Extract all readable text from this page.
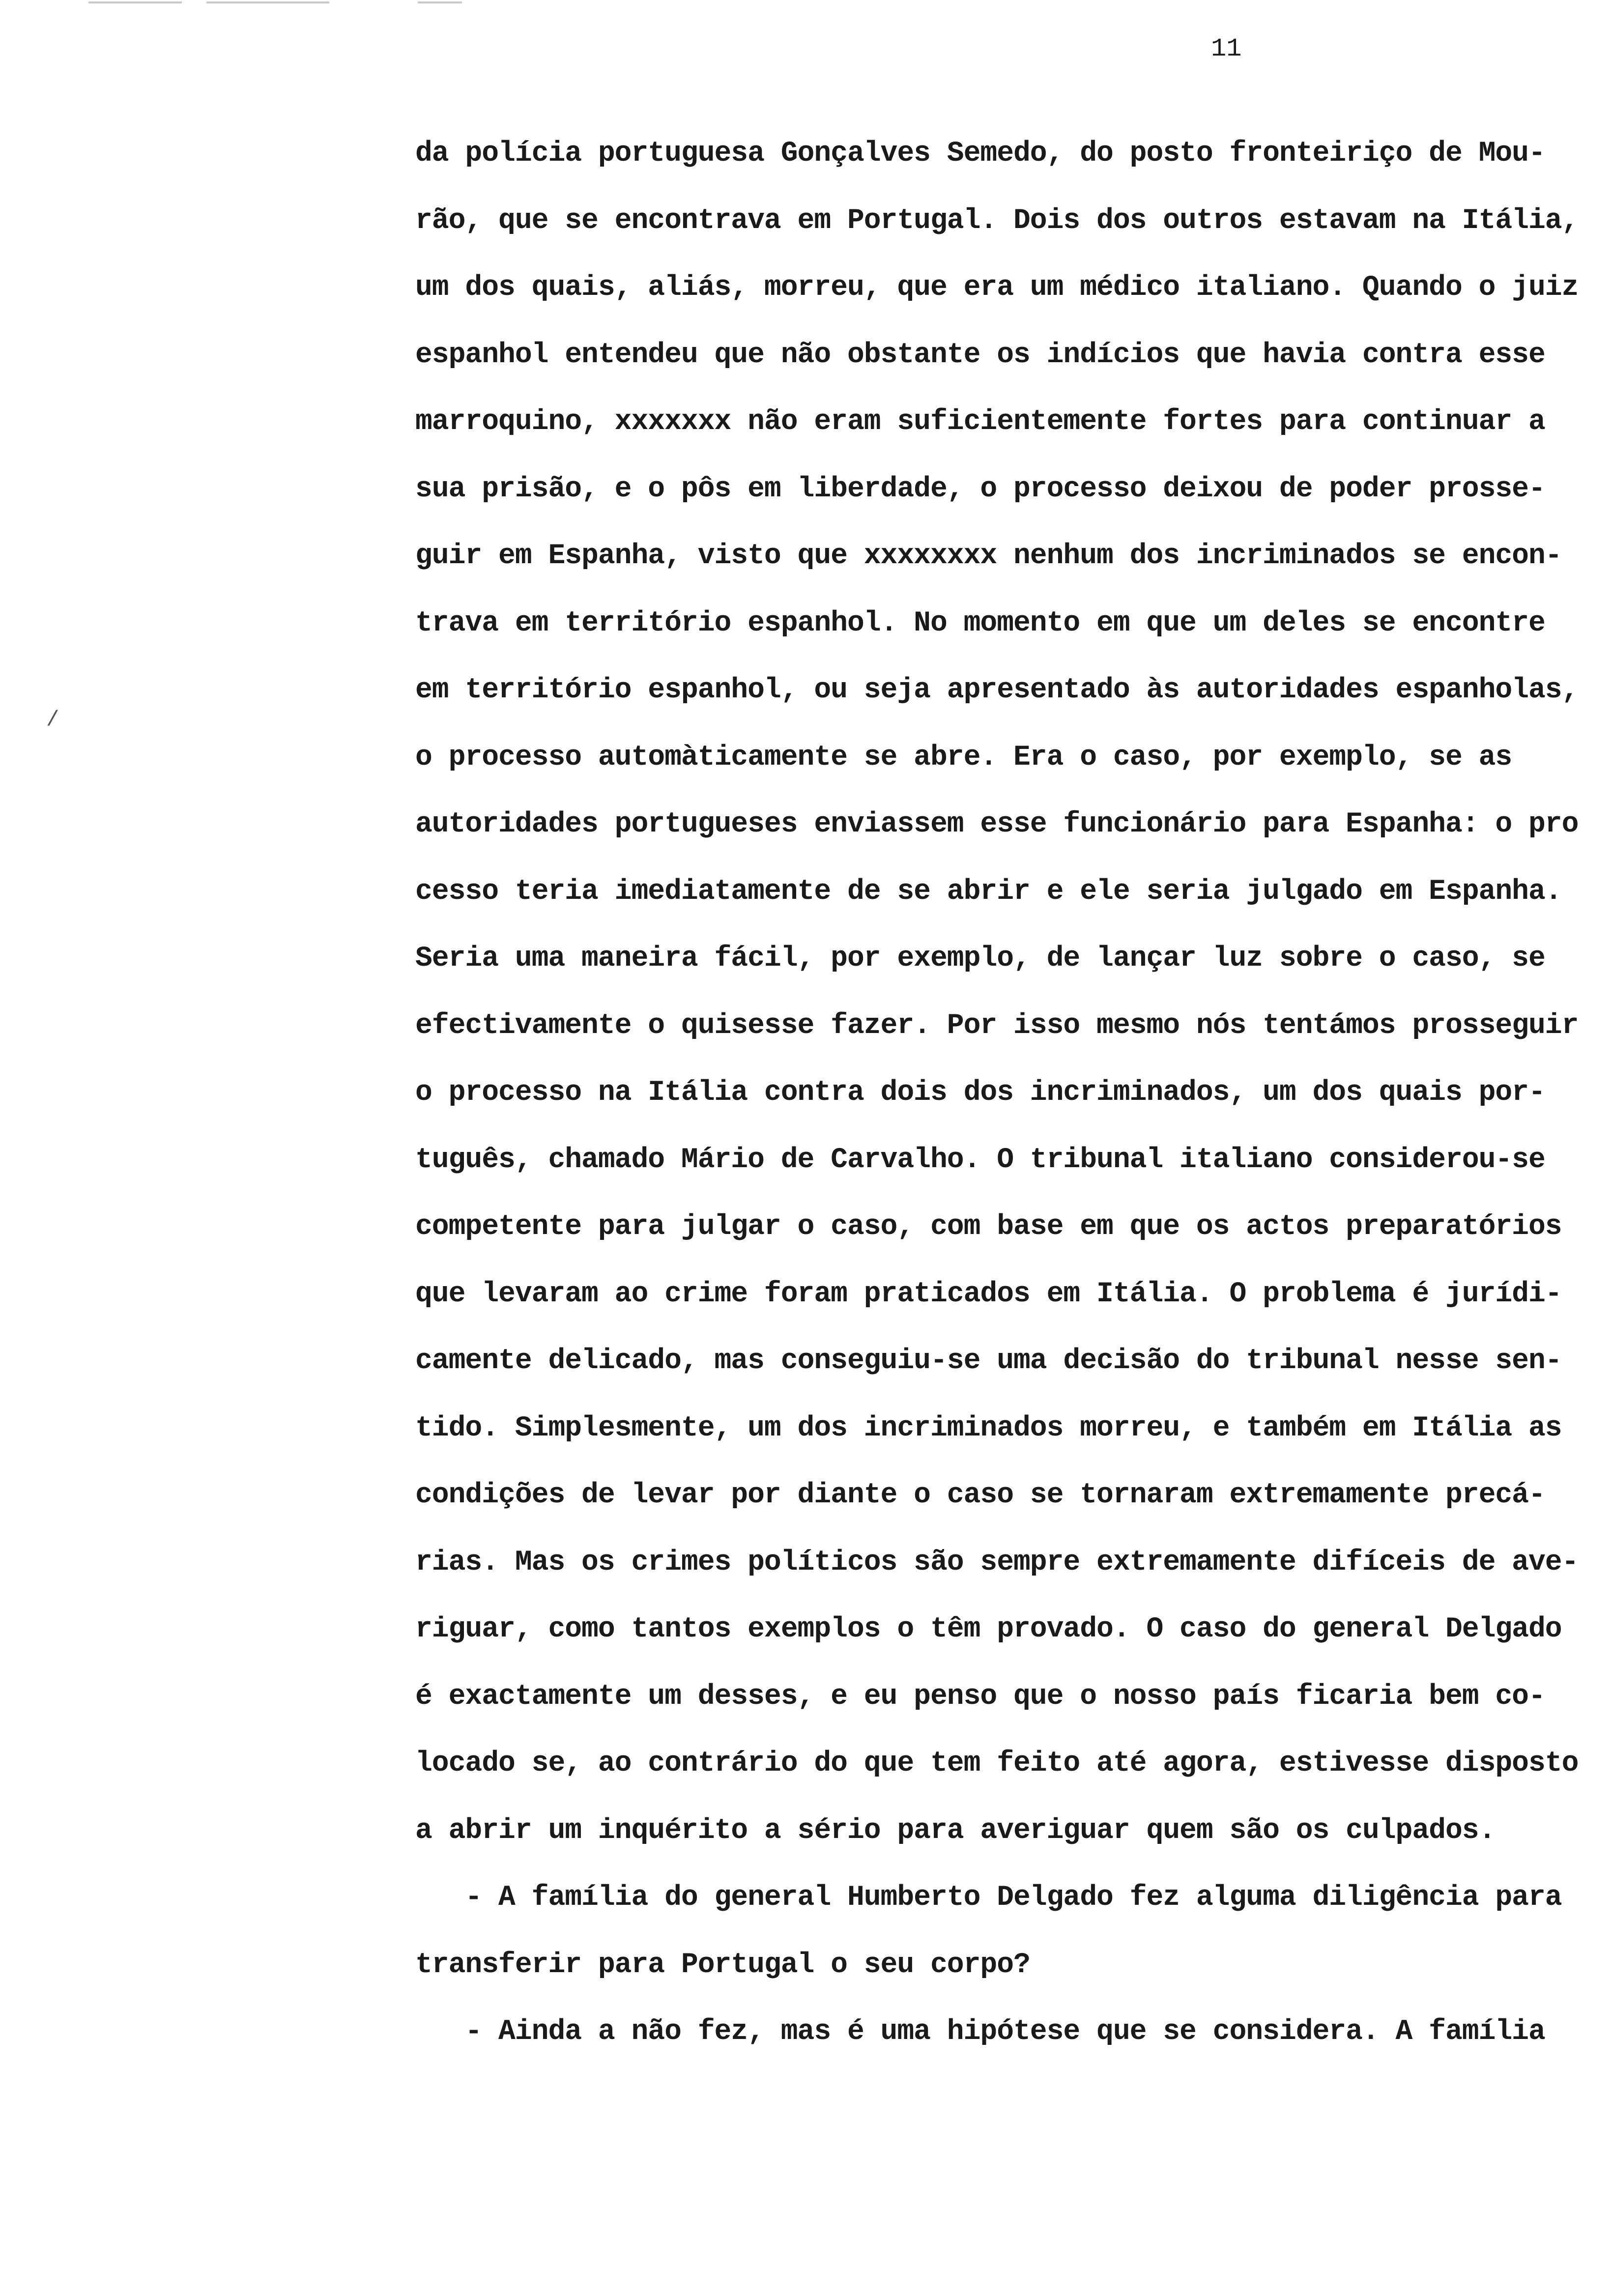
11
/
da polícia portuguesa Gonçalves Semedo, do posto fronteiriço de Mou-
rão, que se encontrava em Portugal. Dois dos outros estavam na Itália,
um dos quais, aliás, morreu, que era um médico italiano. Quando o juiz
espanhol entendeu que não obstante os indícios que havia contra esse
marroquino, xxxxxxx não eram suficientemente fortes para continuar a
sua prisão, e o pôs em liberdade, o processo deixou de poder prosse-
guir em Espanha, visto que xxxxxxxx nenhum dos incriminados se encon-
trava em território espanhol. No momento em que um deles se encontre
em território espanhol, ou seja apresentado às autoridades espanholas,
o processo automàticamente se abre. Era o caso, por exemplo, se as
autoridades portugueses enviassem esse funcionário para Espanha: o pro
cesso teria imediatamente de se abrir e ele seria julgado em Espanha.
Seria uma maneira fácil, por exemplo, de lançar luz sobre o caso, se
efectivamente o quisesse fazer. Por isso mesmo nós tentámos prosseguir
o processo na Itália contra dois dos incriminados, um dos quais por-
tuguês, chamado Mário de Carvalho. O tribunal italiano considerou-se
competente para julgar o caso, com base em que os actos preparatórios
que levaram ao crime foram praticados em Itália. O problema é jurídi-
camente delicado, mas conseguiu-se uma decisão do tribunal nesse sen-
tido. Simplesmente, um dos incriminados morreu, e também em Itália as
condições de levar por diante o caso se tornaram extremamente precá-
rias. Mas os crimes políticos são sempre extremamente difíceis de ave-
riguar, como tantos exemplos o têm provado. O caso do general Delgado
é exactamente um desses, e eu penso que o nosso país ficaria bem co-
locado se, ao contrário do que tem feito até agora, estivesse disposto
a abrir um inquérito a sério para averiguar quem são os culpados.
- A família do general Humberto Delgado fez alguma diligência para
transferir para Portugal o seu corpo?
- Ainda a não fez, mas é uma hipótese que se considera. A família
